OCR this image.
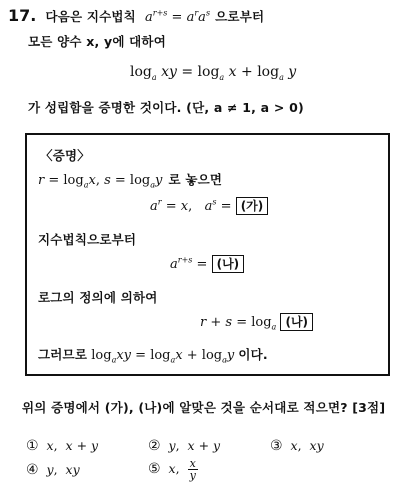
17. 다음은 지수법칙 $a^{r+s} = a^ra^s$ 으로부터
모든 양수 x, y에 대하여
$\log_a$ xy = $\log_a x + \log_a y$
가 성립함을 증명한 것이다. (단, a ≠ 1, a > 0)
〈증명〉
$r = \log_ax$, $s = \log_ay$ 로 놓으면
$a^r = x$,   $a^s$ = (가)
지수법칙으로부터
$a^{r+s}$ = (나)
로그의 정의에 의하여
$r + s = \log_a$ (나)
그러므로 $\log_axy = \log_ax + \log_ay$ 이다.
위의 증명에서 (가), (나)에 알맞은 것을 순서대로 적으면? [3점]
① x,  x + y	② y,  x + y	③ x,  xy
④ y,  xy	⑤ x, $\frac{x}{y}$
